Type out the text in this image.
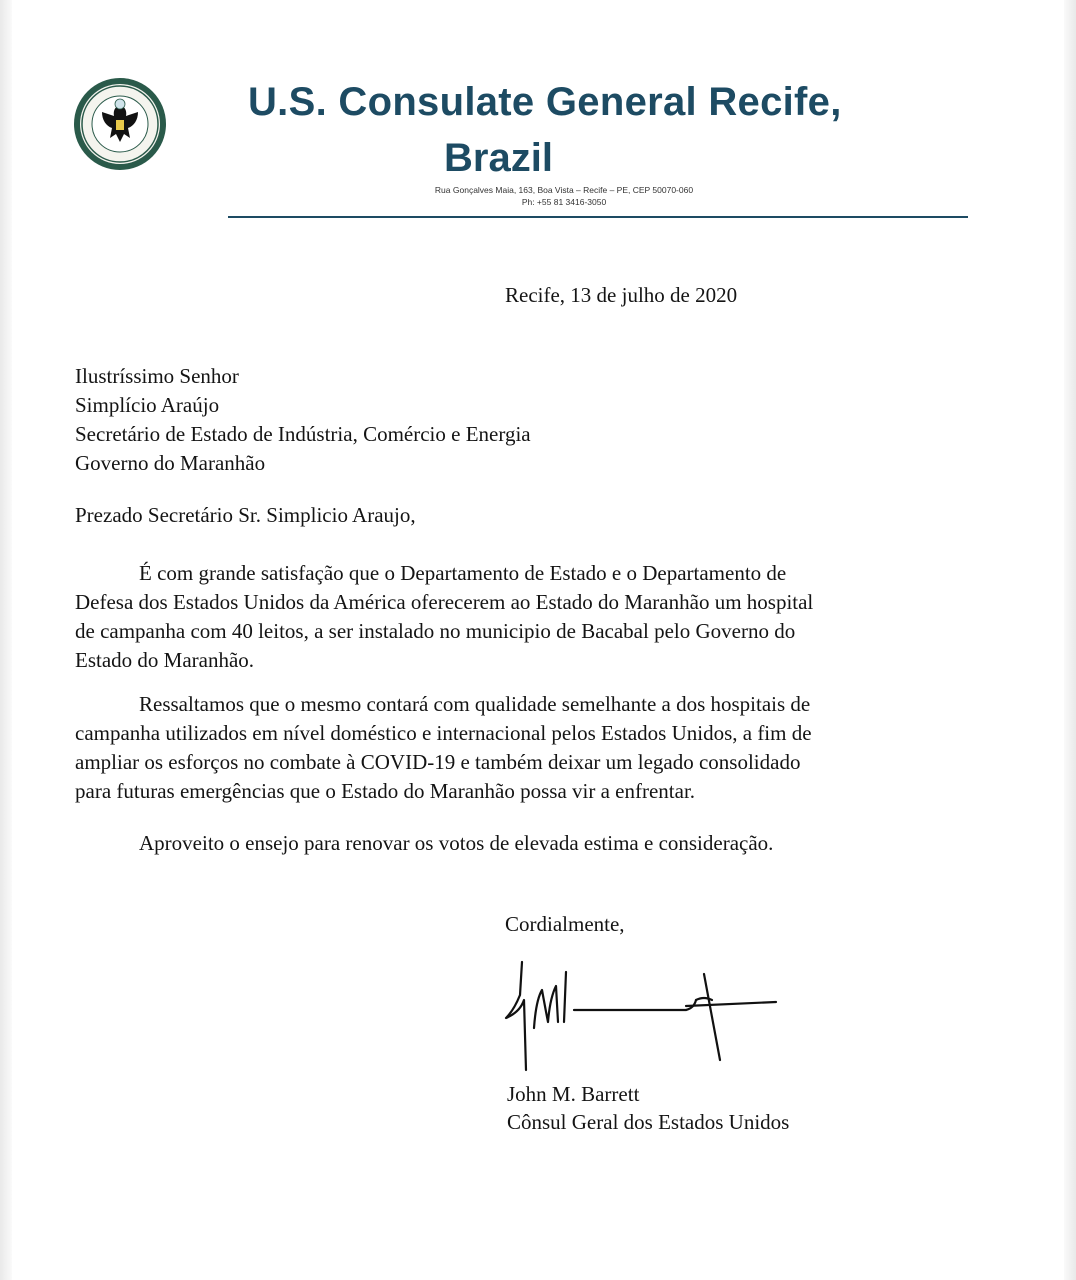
U.S. Consulate General Recife,
Brazil
Rua Gonçalves Maia, 163, Boa Vista – Recife – PE, CEP 50070-060
Ph: +55 81 3416-3050
Recife, 13 de julho de 2020
Ilustríssimo Senhor
Simplício Araújo
Secretário de Estado de Indústria, Comércio e Energia
Governo do Maranhão
Prezado Secretário Sr. Simplicio Araujo,
É com grande satisfação que o Departamento de Estado e o Departamento de
Defesa dos Estados Unidos da América oferecerem ao Estado do Maranhão um hospital
de campanha com 40 leitos, a ser instalado no municipio de Bacabal pelo Governo do
Estado do Maranhão.
Ressaltamos que o mesmo contará com qualidade semelhante a dos hospitais de
campanha utilizados em nível doméstico e internacional pelos Estados Unidos, a fim de
ampliar os esforços no combate à COVID-19 e também deixar um legado consolidado
para futuras emergências que o Estado do Maranhão possa vir a enfrentar.
Aproveito o ensejo para renovar os votos de elevada estima e consideração.
Cordialmente,
John M. Barrett
Cônsul Geral dos Estados Unidos
